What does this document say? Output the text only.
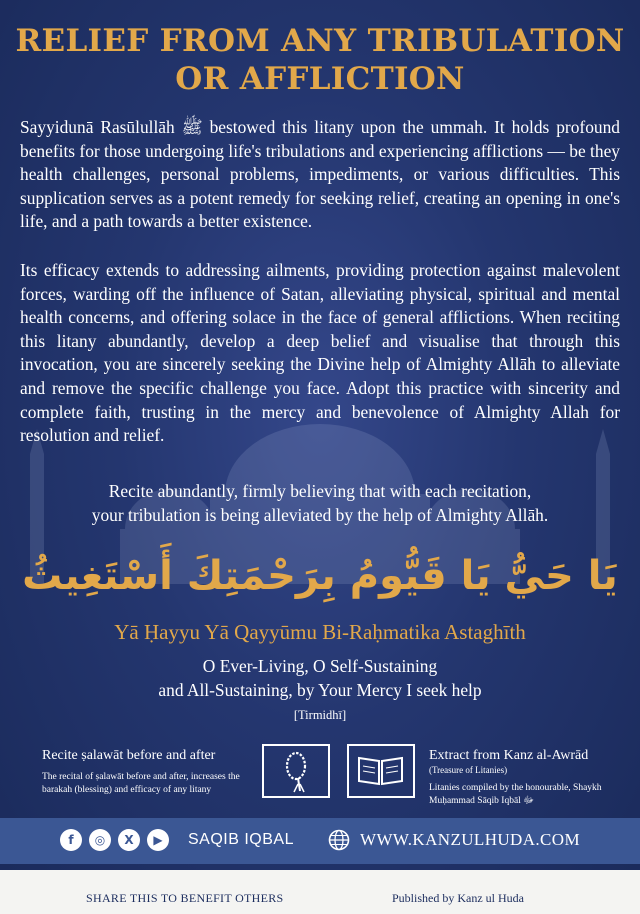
RELIEF FROM ANY TRIBULATION
OR AFFLICTION

Sayyidunā Rasūlullāh ﷺ bestowed this litany upon the ummah. It holds profound benefits for those undergoing life's tribulations and experiencing afflictions — be they health challenges, personal problems, impediments, or various difficulties. This supplication serves as a potent remedy for seeking relief, creating an opening in one's life, and a path towards a better existence.

Its efficacy extends to addressing ailments, providing protection against malevolent forces, warding off the influence of Satan, alleviating physical, spiritual and mental health concerns, and offering solace in the face of general afflictions. When reciting this litany abundantly, develop a deep belief and visualise that through this invocation, you are sincerely seeking the Divine help of Almighty Allāh to alleviate and remove the specific challenge you face. Adopt this practice with sincerity and complete faith, trusting in the mercy and benevolence of Almighty Allah for resolution and relief.

Recite abundantly, firmly believing that with each recitation,
your tribulation is being alleviated by the help of Almighty Allāh.

يَا حَيُّ يَا قَيُّومُ بِرَحْمَتِكَ أَسْتَغِيثُ
Yā Ḥayyu Yā Qayyūmu Bi-Raḥmatika Astaghīth
O Ever-Living, O Self-Sustaining
and All-Sustaining, by Your Mercy I seek help
[Tirmidhī]
Recite ṣalawāt before and after
The recital of ṣalawāt before and after, increases the barakah (blessing) and efficacy of any litany
Extract from Kanz al-Awrād
(Treasure of Litanies)
Litanies compiled by the honourable, Shaykh Muḥammad Sāqib Iqbāl ﷻ
f	◎	X	▶	SAQIB IQBAL	WWW.KANZULHUDA.COM
SHARE THIS TO BENEFIT OTHERS	Published by Kanz ul Huda
